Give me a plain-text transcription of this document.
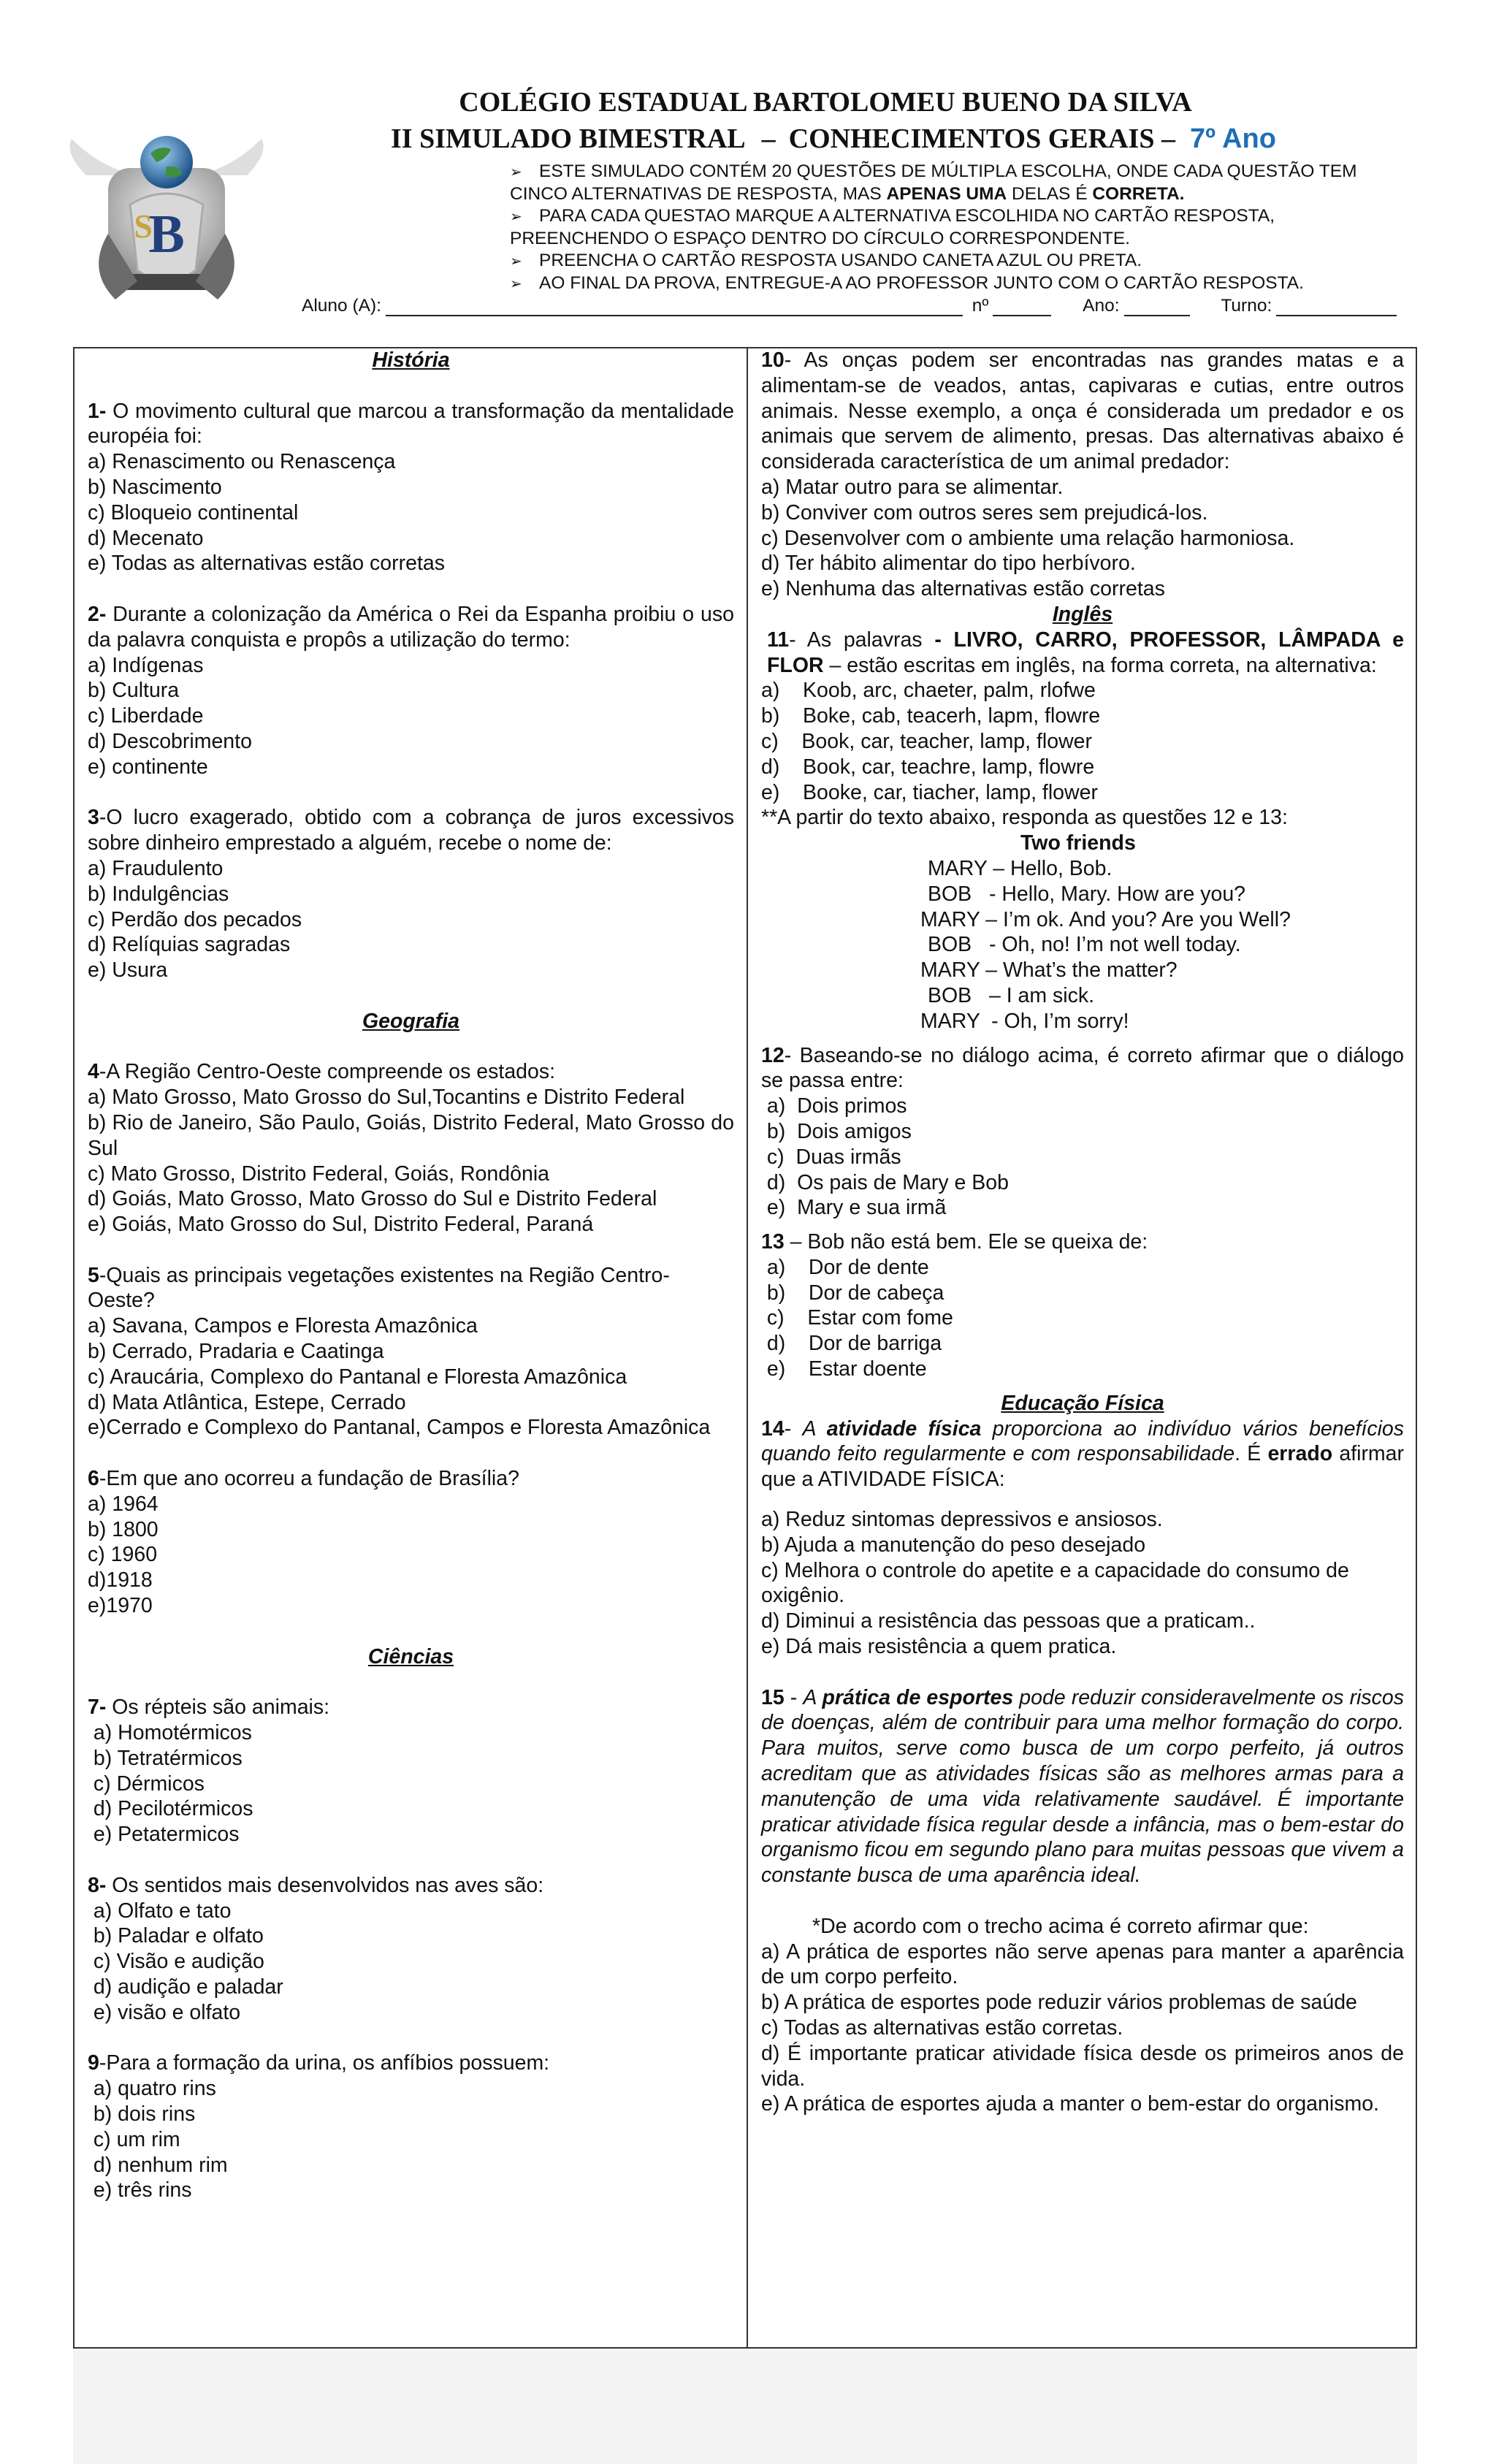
B
S
COLÉGIO ESTADUAL BARTOLOMEU BUENO DA SILVA
II SIMULADO BIMESTRAL – CONHECIMENTOS GERAIS – 7º Ano
➢ ESTE SIMULADO CONTÉM 20 QUESTÕES DE MÚLTIPLA ESCOLHA, ONDE CADA QUESTÃO TEM CINCO ALTERNATIVAS DE RESPOSTA, MAS APENAS UMA DELAS É CORRETA.
➢ PARA CADA QUESTAO MARQUE A ALTERNATIVA ESCOLHIDA NO CARTÃO RESPOSTA, PREENCHENDO O ESPAÇO DENTRO DO CÍRCULO CORRESPONDENTE.
➢ PREENCHA O CARTÃO RESPOSTA USANDO CANETA AZUL OU PRETA.
➢ AO FINAL DA PROVA, ENTREGUE-A AO PROFESSOR JUNTO COM O CARTÃO RESPOSTA.
Aluno (A):	nº	Ano:	Turno:

História

1- O movimento cultural que marcou a transformação da mentalidade européia foi:

a) Renascimento ou Renascença

b) Nascimento

c) Bloqueio continental

d) Mecenato

e) Todas as alternativas estão corretas

2- Durante a colonização da América o Rei da Espanha proibiu o uso da palavra conquista e propôs a utilização do termo:

a) Indígenas

b) Cultura

c) Liberdade

d) Descobrimento

e) continente

3-O lucro exagerado, obtido com a cobrança de juros excessivos sobre dinheiro emprestado a alguém, recebe o nome de:

a) Fraudulento

b) Indulgências

c) Perdão dos pecados

d) Relíquias sagradas

e) Usura

Geografia

4-A Região Centro-Oeste compreende os estados:

a) Mato Grosso, Mato Grosso do Sul,Tocantins e Distrito Federal

b) Rio de Janeiro, São Paulo, Goiás, Distrito Federal, Mato Grosso do Sul

c) Mato Grosso, Distrito Federal, Goiás, Rondônia

d) Goiás, Mato Grosso, Mato Grosso do Sul e Distrito Federal

e) Goiás, Mato Grosso do Sul, Distrito Federal, Paraná

5-Quais as principais vegetações existentes na Região Centro-Oeste?

a) Savana, Campos e Floresta Amazônica

b) Cerrado, Pradaria e Caatinga

c) Araucária, Complexo do Pantanal e Floresta Amazônica

d) Mata Atlântica, Estepe, Cerrado

e)Cerrado e Complexo do Pantanal, Campos e Floresta Amazônica

6-Em que ano ocorreu a fundação de Brasília?

a) 1964

b) 1800

c) 1960

d)1918

e)1970

Ciências

7- Os répteis são animais:

a) Homotérmicos

b) Tetratérmicos

c) Dérmicos

d) Pecilotérmicos

e) Petatermicos

8- Os sentidos mais desenvolvidos nas aves são:

a) Olfato e tato

b) Paladar e olfato

c) Visão e audição

d) audição e paladar

e) visão e olfato

9-Para a formação da urina, os anfíbios possuem:

a) quatro rins

b) dois rins

c) um rim

d) nenhum rim

e) três rins

10- As onças podem ser encontradas nas grandes matas e a alimentam-se de veados, antas, capivaras e cutias, entre outros animais. Nesse exemplo, a onça é considerada um predador e os animais que servem de alimento, presas. Das alternativas abaixo é considerada característica de um animal predador:

a) Matar outro para se alimentar.

b) Conviver com outros seres sem prejudicá-los.

c) Desenvolver com o ambiente uma relação harmoniosa.

d) Ter hábito alimentar do tipo herbívoro.

e) Nenhuma das alternativas estão corretas

Inglês

11- As palavras - LIVRO, CARRO, PROFESSOR, LÂMPADA e FLOR – estão escritas em inglês, na forma correta, na alternativa:

a)    Koob, arc, chaeter, palm, rlofwe

b)    Boke, cab, teacerh, lapm, flowre

c)    Book, car, teacher, lamp, flower

d)    Book, car, teachre, lamp, flowre

e)    Booke, car, tiacher, lamp, flower

**A partir do texto abaixo, responda as questões 12 e 13:

Two friends

MARY – Hello, Bob.

BOB   - Hello, Mary. How are you?

MARY – I’m ok. And you? Are you Well?

BOB   - Oh, no! I’m not well today.

MARY – What’s the matter?

BOB   – I am sick.

MARY  - Oh, I’m sorry!

12- Baseando-se no diálogo acima, é correto afirmar que o diálogo se passa entre:

a)  Dois primos

b)  Dois amigos

c)  Duas irmãs

d)  Os pais de Mary e Bob

e)  Mary e sua irmã

13 – Bob não está bem. Ele se queixa de:

a)    Dor de dente

b)    Dor de cabeça

c)    Estar com fome

d)    Dor de barriga

e)    Estar doente

Educação Física

14- A atividade física proporciona ao indivíduo vários benefícios quando feito regularmente e com responsabilidade. É errado afirmar que a ATIVIDADE FÍSICA:

a) Reduz sintomas depressivos e ansiosos.

b) Ajuda a manutenção do peso desejado

c) Melhora o controle do apetite e a capacidade do consumo de oxigênio.

d) Diminui a resistência das pessoas que a praticam..

e) Dá mais resistência a quem pratica.

15 - A prática de esportes pode reduzir consideravelmente os riscos de doenças, além de contribuir para uma melhor formação do corpo. Para muitos, serve como busca de um corpo perfeito, já outros acreditam que as atividades físicas são as melhores armas para a manutenção de uma vida relativamente saudável. É importante praticar atividade física regular desde a infância, mas o bem-estar do organismo ficou em segundo plano para muitas pessoas que vivem a constante busca de uma aparência ideal.

*De acordo com o trecho acima é correto afirmar que:

a) A prática de esportes não serve apenas para manter a aparência de um corpo perfeito.

b) A prática de esportes pode reduzir vários problemas de saúde

c) Todas as alternativas estão corretas.

d) É importante praticar atividade física desde os primeiros anos de vida.

e) A prática de esportes ajuda a manter o bem-estar do organismo.
